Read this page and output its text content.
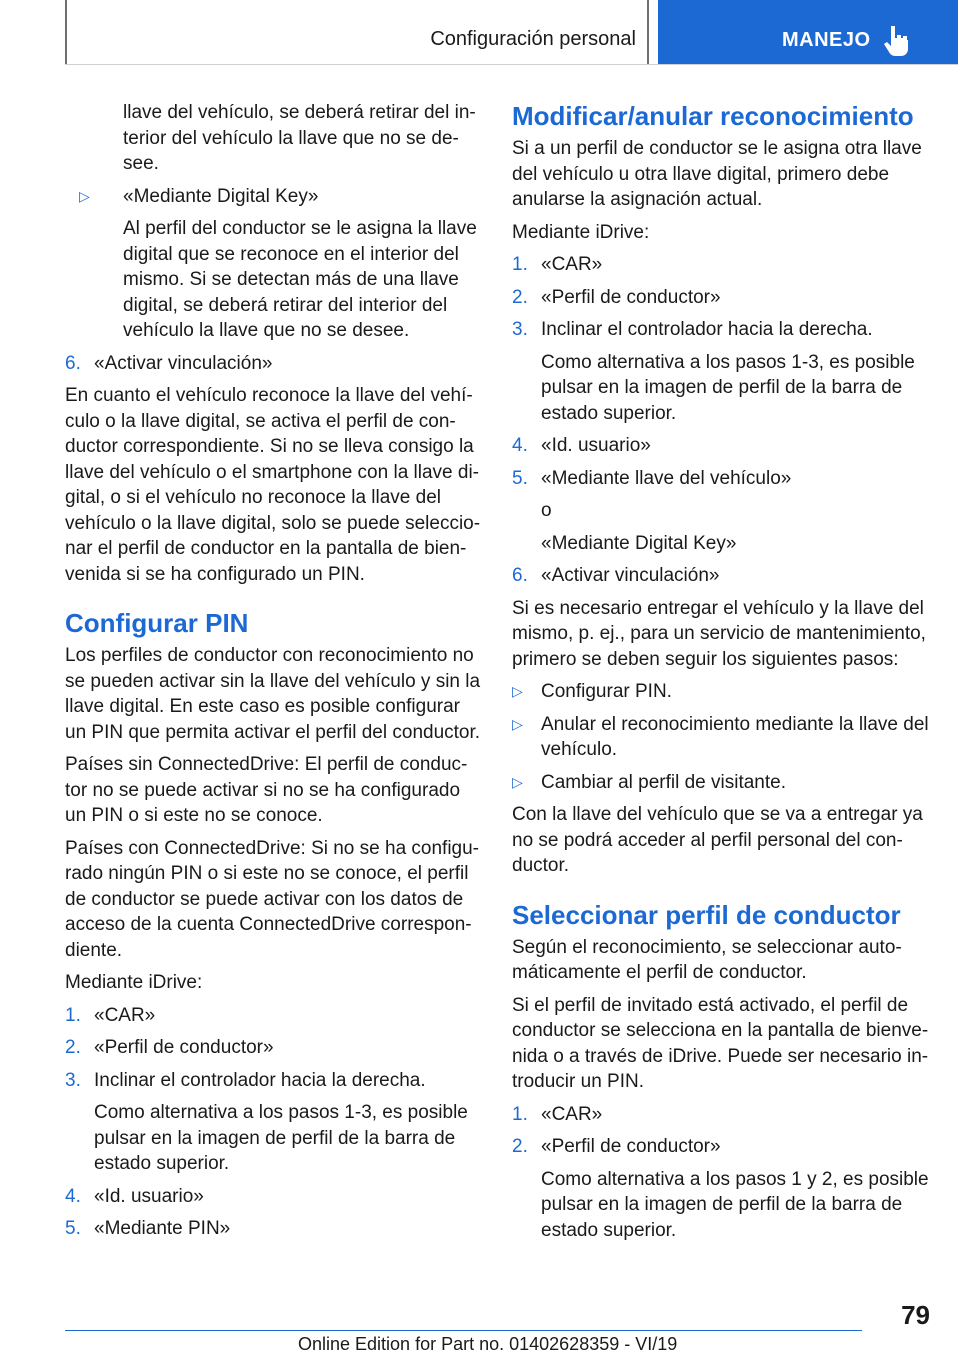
Configuración personal	MANEJO

llave del vehículo, se deberá retirar del in‐ terior del vehículo la llave que no se de‐ see.

▷ «Mediante Digital Key»

Al perfil del conductor se le asigna la llave digital que se reconoce en el interior del mismo. Si se detectan más de una llave digital, se deberá retirar del interior del vehículo la llave que no se desee.

6. «Activar vinculación»

En cuanto el vehículo reconoce la llave del vehí‐ culo o la llave digital, se activa el perfil de con‐ ductor correspondiente. Si no se lleva consigo la llave del vehículo o el smartphone con la llave di‐ gital, o si el vehículo no reconoce la llave del vehículo o la llave digital, solo se puede seleccio‐ nar el perfil de conductor en la pantalla de bien‐ venida si se ha configurado un PIN.

Configurar PIN

Los perfiles de conductor con reconocimiento no se pueden activar sin la llave del vehículo y sin la llave digital. En este caso es posible configurar un PIN que permita activar el perfil del conductor.

Países sin ConnectedDrive: El perfil de conduc‐ tor no se puede activar si no se ha configurado un PIN o si este no se conoce.

Países con ConnectedDrive: Si no se ha configu‐ rado ningún PIN o si este no se conoce, el perfil de conductor se puede activar con los datos de acceso de la cuenta ConnectedDrive correspon‐ diente.

Mediante iDrive:

1. «CAR»
2. «Perfil de conductor»
3. Inclinar el controlador hacia la derecha.

Como alternativa a los pasos 1‑3, es posible pulsar en la imagen de perfil de la barra de estado superior.

4. «Id. usuario»
5. «Mediante PIN»
Modificar/anular reconocimiento

Si a un perfil de conductor se le asigna otra llave del vehículo u otra llave digital, primero debe anularse la asignación actual.

Mediante iDrive:

1. «CAR»
2. «Perfil de conductor»
3. Inclinar el controlador hacia la derecha.

Como alternativa a los pasos 1‑3, es posible pulsar en la imagen de perfil de la barra de estado superior.

4. «Id. usuario»
5. «Mediante llave del vehículo»

o

«Mediante Digital Key»

6. «Activar vinculación»

Si es necesario entregar el vehículo y la llave del mismo, p. ej., para un servicio de mantenimiento, primero se deben seguir los siguientes pasos:

▷ Configurar PIN.
▷ Anular el reconocimiento mediante la llave del vehículo.
▷ Cambiar al perfil de visitante.

Con la llave del vehículo que se va a entregar ya no se podrá acceder al perfil personal del con‐ ductor.

Seleccionar perfil de conductor

Según el reconocimiento, se seleccionar auto‐ máticamente el perfil de conductor.

Si el perfil de invitado está activado, el perfil de conductor se selecciona en la pantalla de bienve‐ nida o a través de iDrive. Puede ser necesario in‐ troducir un PIN.

1. «CAR»
2. «Perfil de conductor»

Como alternativa a los pasos 1 y 2, es posible pulsar en la imagen de perfil de la barra de estado superior.

79
Online Edition for Part no. 01402628359 - VI/19
